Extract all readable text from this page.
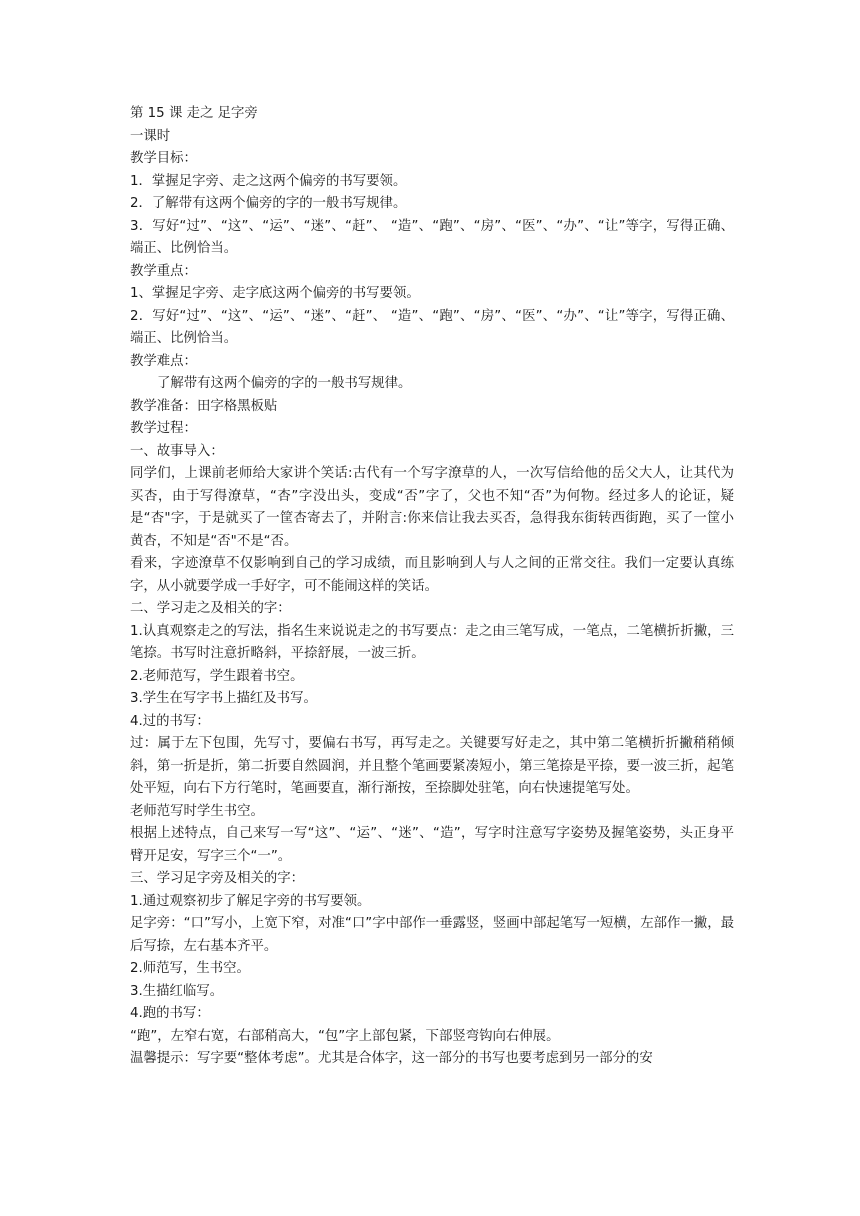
第 15 课 走之 足字旁

一课时

教学目标：

1．掌握足字旁、走之这两个偏旁的书写要领。

2．了解带有这两个偏旁的字的一般书写规律。

3．写好“过”、“这”、“运”、“迷”、“赶”、 “造”、“跑”、“房”、“医”、“办”、“让”等字，写得正确、端正、比例恰当。

教学重点：

1、掌握足字旁、走字底这两个偏旁的书写要领。

2．写好“过”、“这”、“运”、“迷”、“赶”、 “造”、“跑”、“房”、“医”、“办”、“让”等字，写得正确、端正、比例恰当。

教学难点：

了解带有这两个偏旁的字的一般书写规律。

教学准备：田字格黑板贴

教学过程：

一、故事导入：

同学们，上课前老师给大家讲个笑话:古代有一个写字潦草的人，一次写信给他的岳父大人，让其代为买杏，由于写得潦草，“杏”字没出头，变成“否”字了，父也不知“否”为何物。经过多人的论证，疑是“杏"字，于是就买了一筐杏寄去了，并附言:你来信让我去买否，急得我东街转西街跑，买了一筐小黄杏，不知是“否"不是“否。

看来，字迹潦草不仅影响到自己的学习成绩，而且影响到人与人之间的正常交往。我们一定要认真练字，从小就要学成一手好字，可不能闹这样的笑话。

二、学习走之及相关的字：

1.认真观察走之的写法，指名生来说说走之的书写要点：走之由三笔写成，一笔点，二笔横折折撇，三笔捺。书写时注意折略斜，平捺舒展，一波三折。

2.老师范写，学生跟着书空。

3.学生在写字书上描红及书写。

4.过的书写：

过：属于左下包围，先写寸，要偏右书写，再写走之。关键要写好走之，其中第二笔横折折撇稍稍倾斜，第一折是折，第二折要自然圆润，并且整个笔画要紧凑短小，第三笔捺是平捺，要一波三折，起笔处平短，向右下方行笔时，笔画要直，渐行渐按，至捺脚处驻笔，向右快速提笔写处。

老师范写时学生书空。

根据上述特点，自己来写一写“这”、“运”、“迷”、“造”，写字时注意写字姿势及握笔姿势，头正身平臂开足安，写字三个“一”。

三、学习足字旁及相关的字：

1.通过观察初步了解足字旁的书写要领。

足字旁：“口”写小，上宽下窄，对准“口”字中部作一垂露竖，竖画中部起笔写一短横，左部作一撇，最后写捺，左右基本齐平。

2.师范写，生书空。

3.生描红临写。

4.跑的书写：

“跑”，左窄右宽，右部稍高大，“包”字上部包紧，下部竖弯钩向右伸展。

温馨提示：写字要“整体考虑”。尤其是合体字，这一部分的书写也要考虑到另一部分的安
